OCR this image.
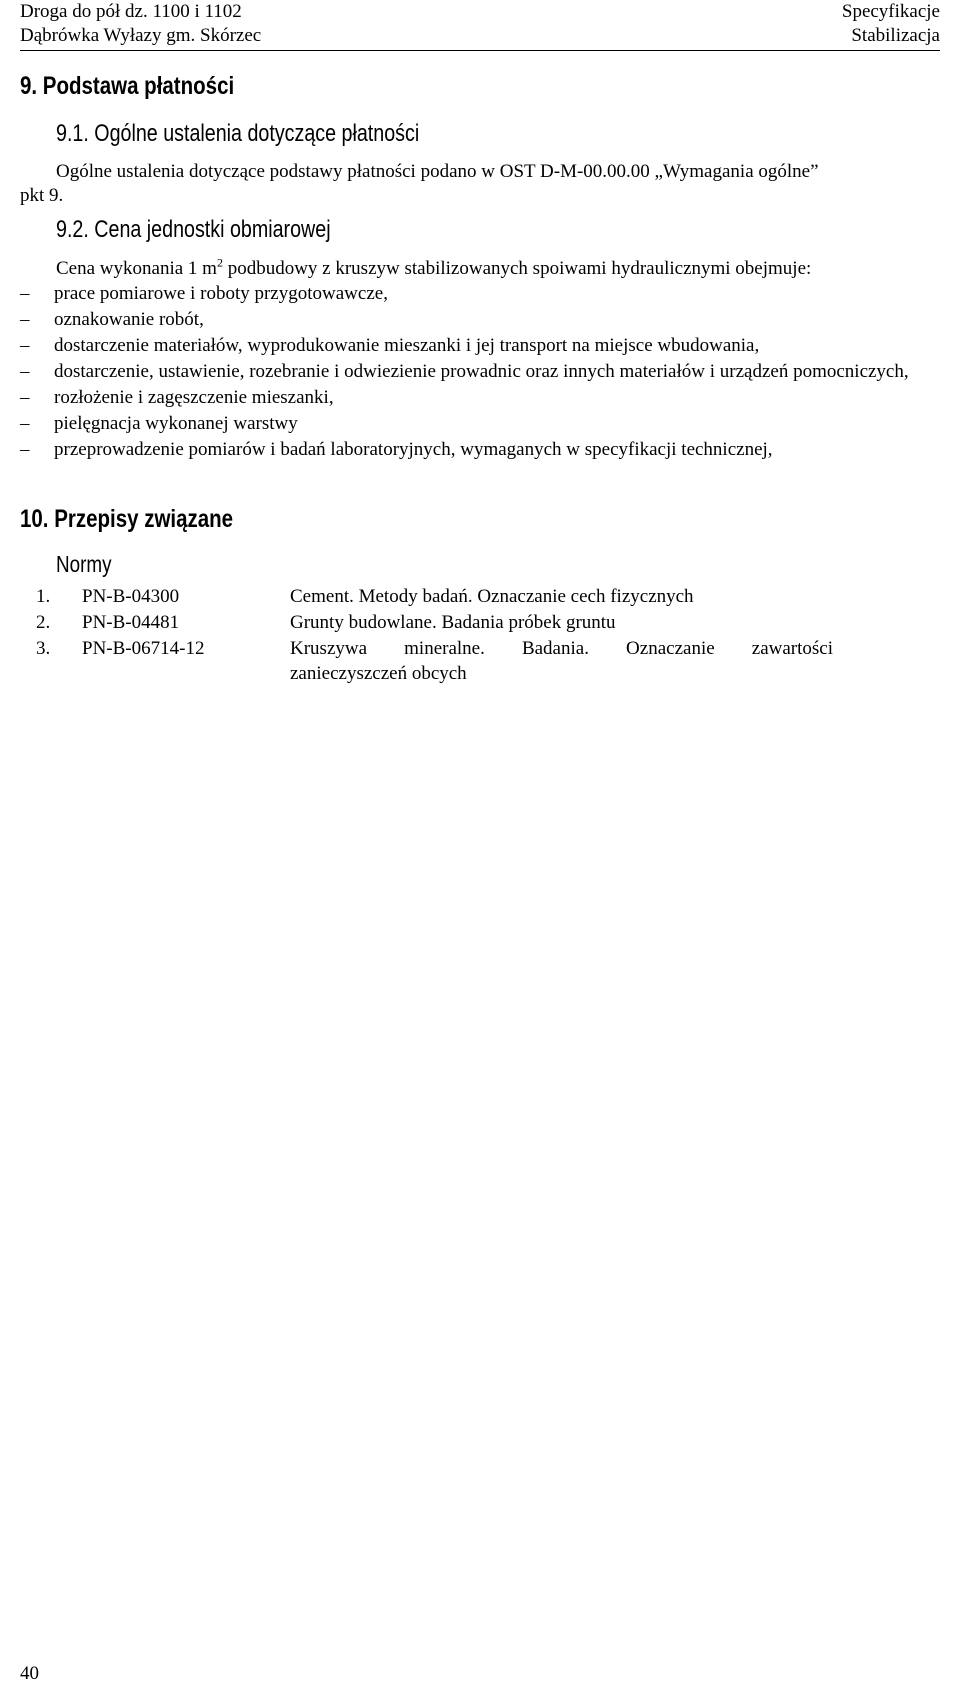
Droga do pół dz. 1100 i 1102
Dąbrówka Wyłazy gm. Skórzec
Specyfikacje
Stabilizacja
9. Podstawa płatności
9.1. Ogólne ustalenia dotyczące płatności
Ogólne ustalenia dotyczące podstawy płatności podano w OST D-M-00.00.00 „Wymagania ogólne”
pkt 9.
9.2. Cena jednostki obmiarowej
Cena wykonania 1 $m^2$ podbudowy z kruszyw stabilizowanych spoiwami hydraulicznymi obejmuje:
–	prace pomiarowe i roboty przygotowawcze,
–	oznakowanie robót,
–	dostarczenie materiałów, wyprodukowanie mieszanki i jej transport na miejsce wbudowania,
–	dostarczenie, ustawienie, rozebranie i odwiezienie prowadnic oraz innych materiałów i urządzeń pomocniczych,
–	rozłożenie i zagęszczenie mieszanki,
–	pielęgnacja wykonanej warstwy
–	przeprowadzenie pomiarów i badań laboratoryjnych, wymaganych w specyfikacji technicznej,
10. Przepisy związane
Normy
1.	PN-B-04300	Cement. Metody badań. Oznaczanie cech fizycznych
2.	PN-B-04481	Grunty budowlane. Badania próbek gruntu
3.	PN-B-06714-12	Kruszywa mineralne. Badania. Oznaczanie zawartości
zanieczyszczeń obcych
40
